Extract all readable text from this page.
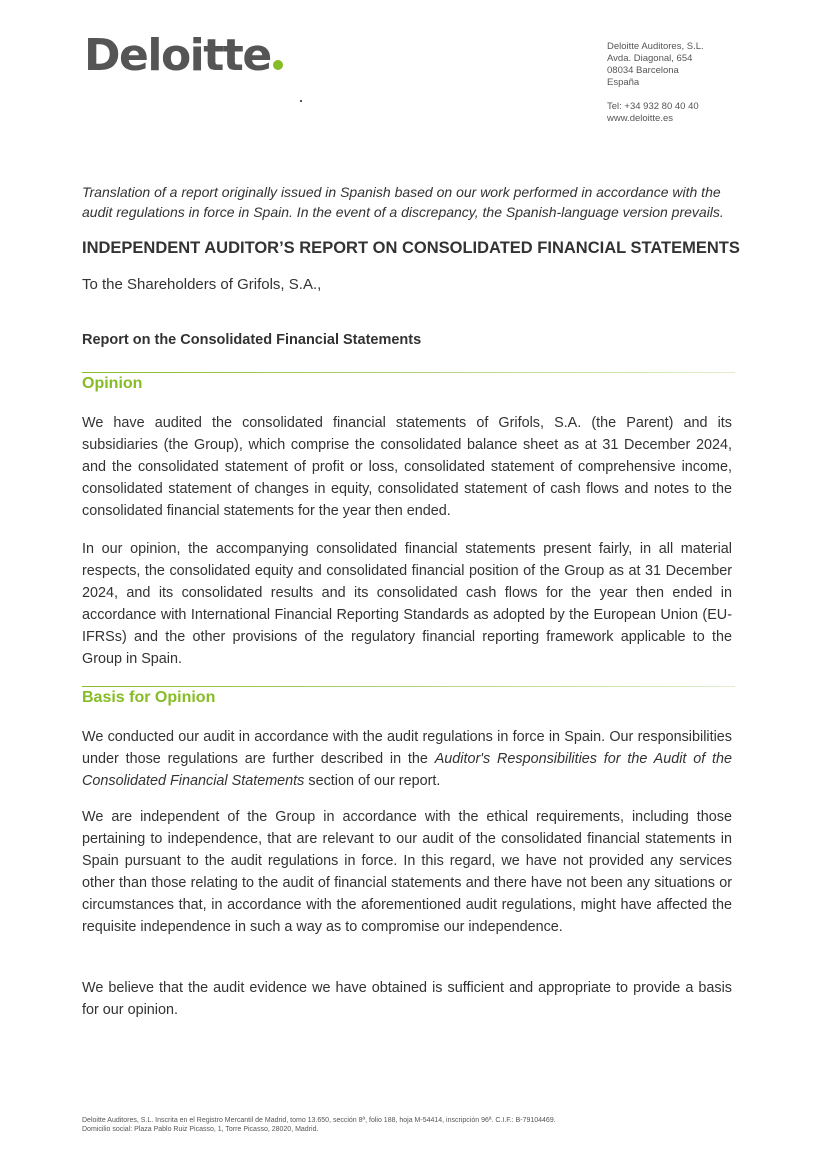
Deloitte	Deloitte Auditores, S.L.
Avda. Diagonal, 654
08034 Barcelona
España
Tel: +34 932 80 40 40
www.deloitte.es
Translation of a report originally issued in Spanish based on our work performed in accordance with the audit regulations in force in Spain. In the event of a discrepancy, the Spanish-language version prevails.
INDEPENDENT AUDITOR’S REPORT ON CONSOLIDATED FINANCIAL STATEMENTS
To the Shareholders of Grifols, S.A.,
Report on the Consolidated Financial Statements
Opinion
We have audited the consolidated financial statements of Grifols, S.A. (the Parent) and its subsidiaries (the Group), which comprise the consolidated balance sheet as at 31 December 2024, and the consolidated statement of profit or loss, consolidated statement of comprehensive income, consolidated statement of changes in equity, consolidated statement of cash flows and notes to the consolidated financial statements for the year then ended.
In our opinion, the accompanying consolidated financial statements present fairly, in all material respects, the consolidated equity and consolidated financial position of the Group as at 31 December 2024, and its consolidated results and its consolidated cash flows for the year then ended in accordance with International Financial Reporting Standards as adopted by the European Union (EU-IFRSs) and the other provisions of the regulatory financial reporting framework applicable to the Group in Spain.
Basis for Opinion
We conducted our audit in accordance with the audit regulations in force in Spain. Our responsibilities under those regulations are further described in the Auditor's Responsibilities for the Audit of the Consolidated Financial Statements section of our report.
We are independent of the Group in accordance with the ethical requirements, including those pertaining to independence, that are relevant to our audit of the consolidated financial statements in Spain pursuant to the audit regulations in force. In this regard, we have not provided any services other than those relating to the audit of financial statements and there have not been any situations or circumstances that, in accordance with the aforementioned audit regulations, might have affected the requisite independence in such a way as to compromise our independence.
We believe that the audit evidence we have obtained is sufficient and appropriate to provide a basis for our opinion.
Deloitte Auditores, S.L. Inscrita en el Registro Mercantil de Madrid, tomo 13.650, sección 8ª, folio 188, hoja M-54414, inscripción 96ª. C.I.F.: B-79104469.
Domicilio social: Plaza Pablo Ruiz Picasso, 1, Torre Picasso, 28020, Madrid.
